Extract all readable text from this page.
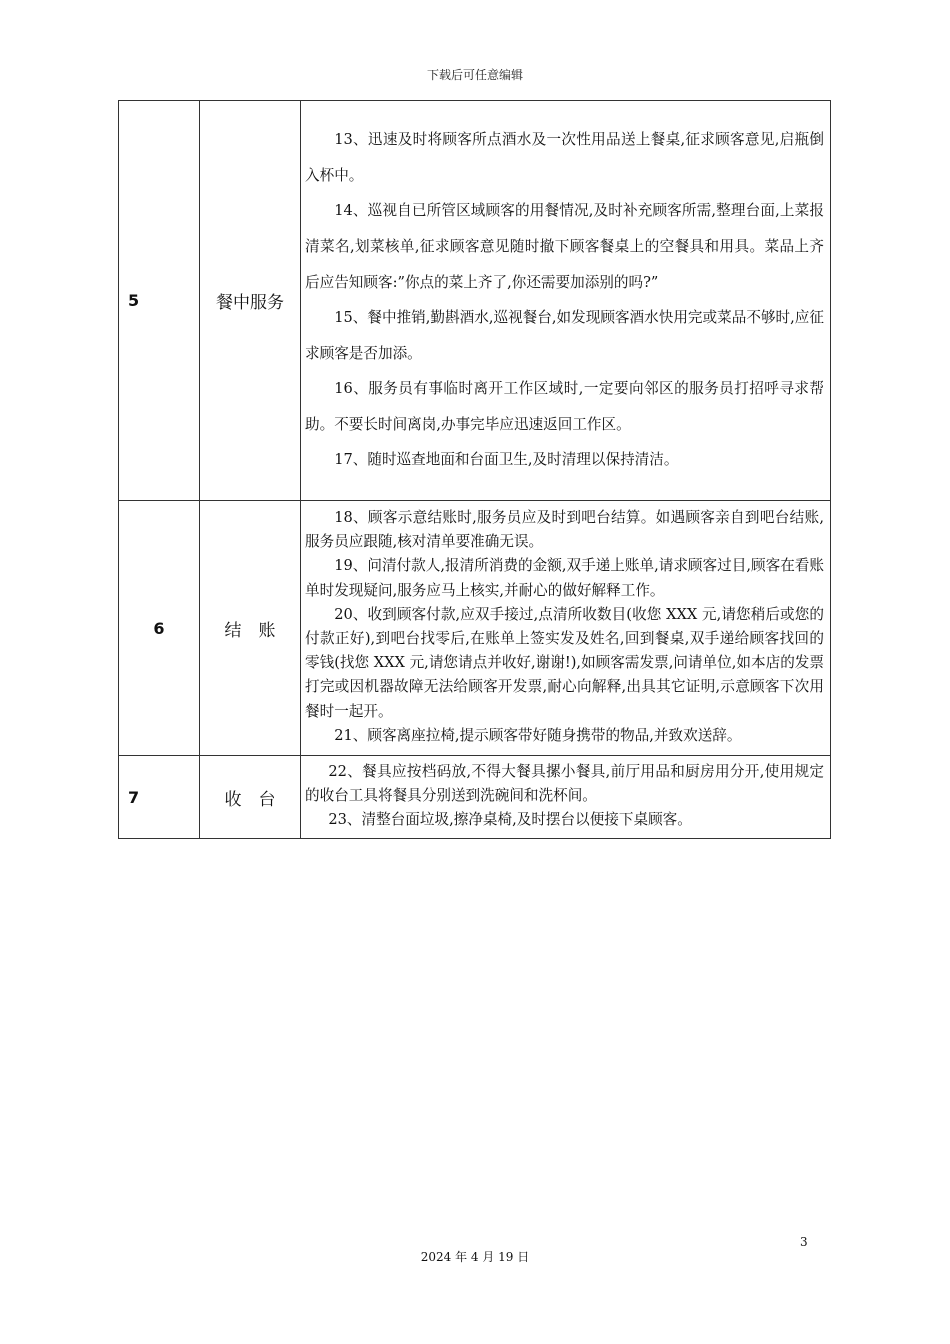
下载后可任意编辑
5	餐中服务	13、迅速及时将顾客所点酒水及一次性用品送上餐桌,征求顾客意见,启瓶倒入杯中。

14、巡视自已所管区域顾客的用餐情况,及时补充顾客所需,整理台面,上菜报清菜名,划菜核单,征求顾客意见随时撤下顾客餐桌上的空餐具和用具。菜品上齐后应告知顾客:”你点的菜上齐了,你还需要加添别的吗?”

15、餐中推销,勤斟酒水,巡视餐台,如发现顾客酒水快用完或菜品不够时,应征求顾客是否加添。

16、服务员有事临时离开工作区域时,一定要向邻区的服务员打招呼寻求帮助。不要长时间离岗,办事完毕应迅速返回工作区。

17、随时巡查地面和台面卫生,及时清理以保持清洁。

6	结　账	18、顾客示意结账时,服务员应及时到吧台结算。如遇顾客亲自到吧台结账,服务员应跟随,核对清单要准确无误。

19、问清付款人,报清所消费的金额,双手递上账单,请求顾客过目,顾客在看账单时发现疑问,服务应马上核实,并耐心的做好解释工作。

20、收到顾客付款,应双手接过,点清所收数目(收您 XXX 元,请您稍后或您的付款正好),到吧台找零后,在账单上签实发及姓名,回到餐桌,双手递给顾客找回的零钱(找您 XXX 元,请您请点并收好,谢谢!),如顾客需发票,问请单位,如本店的发票打完或因机器故障无法给顾客开发票,耐心向解释,出具其它证明,示意顾客下次用餐时一起开。

21、顾客离座拉椅,提示顾客带好随身携带的物品,并致欢送辞。

7	收　台	22、餐具应按档码放,不得大餐具摞小餐具,前厅用品和厨房用分开,使用规定的收台工具将餐具分别送到洗碗间和洗杯间。

23、清整台面垃圾,擦净桌椅,及时摆台以便接下桌顾客。

3
2024 年 4 月 19 日
